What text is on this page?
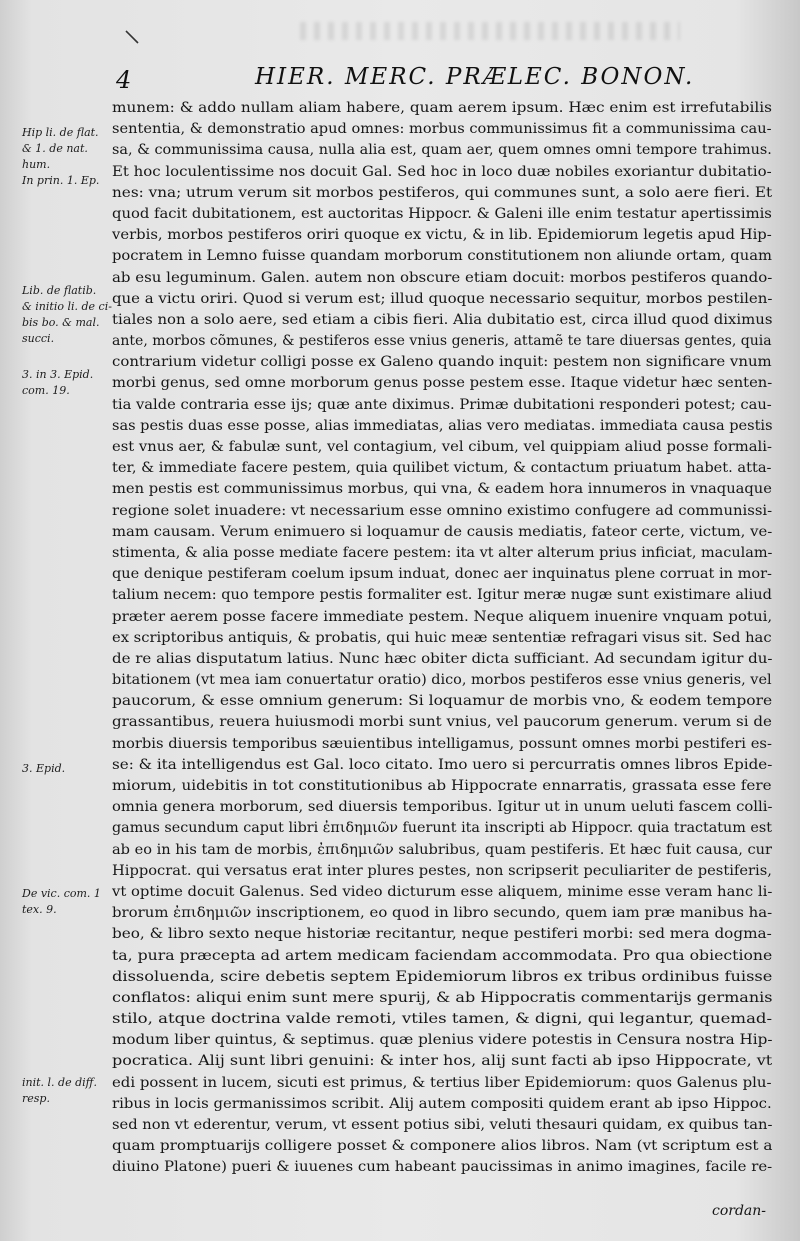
4	HIER. MERC. PRÆLEC. BONON.
munem: & addo nullam aliam habere, quam aerem ipsum. Hæc enim est irrefutabilis
sententia, & demonstratio apud omnes: morbus communissimus fit a communissima cau-
sa, & communissima causa, nulla alia est, quam aer, quem omnes omni tempore trahimus.
Et hoc loculentissime nos docuit Gal. Sed hoc in loco duæ nobiles exoriantur dubitatio-
nes: vna; utrum verum sit morbos pestiferos, qui communes sunt, a solo aere fieri. Et
quod facit dubitationem, est auctoritas Hippocr. & Galeni ille enim testatur apertissimis
verbis, morbos pestiferos oriri quoque ex victu, & in lib. Epidemiorum legetis apud Hip-
pocratem in Lemno fuisse quandam morborum constitutionem non aliunde ortam, quam
ab esu leguminum. Galen. autem non obscure etiam docuit: morbos pestiferos quando-
que a victu oriri. Quod si verum est; illud quoque necessario sequitur, morbos pestilen-
tiales non a solo aere, sed etiam a cibis fieri. Alia dubitatio est, circa illud quod diximus
ante, morbos cõmunes, & pestiferos esse vnius generis, attamẽ te tare diuersas gentes, quia
contrarium videtur colligi posse ex Galeno quando inquit: pestem non significare vnum
morbi genus, sed omne morborum genus posse pestem esse. Itaque videtur hæc senten-
tia valde contraria esse ijs; quæ ante diximus. Primæ dubitationi responderi potest; cau-
sas pestis duas esse posse, alias immediatas, alias vero mediatas. immediata causa pestis
est vnus aer, & fabulæ sunt, vel contagium, vel cibum, vel quippiam aliud posse formali-
ter, & immediate facere pestem, quia quilibet victum, & contactum priuatum habet. atta-
men pestis est communissimus morbus, qui vna, & eadem hora innumeros in vnaquaque
regione solet inuadere: vt necessarium esse omnino existimo confugere ad communissi-
mam causam. Verum enimuero si loquamur de causis mediatis, fateor certe, victum, ve-
stimenta, & alia posse mediate facere pestem: ita vt alter alterum prius inficiat, maculam-
que denique pestiferam coelum ipsum induat, donec aer inquinatus plene corruat in mor-
talium necem: quo tempore pestis formaliter est. Igitur meræ nugæ sunt existimare aliud
præter aerem posse facere immediate pestem. Neque aliquem inuenire vnquam potui,
ex scriptoribus antiquis, & probatis, qui huic meæ sententiæ refragari visus sit. Sed hac
de re alias disputatum latius. Nunc hæc obiter dicta sufficiant. Ad secundam igitur du-
bitationem (vt mea iam conuertatur oratio) dico, morbos pestiferos esse vnius generis, vel
paucorum, & esse omnium generum: Si loquamur de morbis vno, & eodem tempore
grassantibus, reuera huiusmodi morbi sunt vnius, vel paucorum generum. verum si de
morbis diuersis temporibus sæuientibus intelligamus, possunt omnes morbi pestiferi es-
se: & ita intelligendus est Gal. loco citato. Imo uero si percurratis omnes libros Epide-
miorum, uidebitis in tot constitutionibus ab Hippocrate ennarratis, grassata esse fere
omnia genera morborum, sed diuersis temporibus. Igitur ut in unum ueluti fascem colli-
gamus secundum caput libri ἐπιδημιῶν fuerunt ita inscripti ab Hippocr. quia tractatum est
ab eo in his tam de morbis, ἐπιδημιῶν salubribus, quam pestiferis. Et hæc fuit causa, cur
Hippocrat. qui versatus erat inter plures pestes, non scripserit peculiariter de pestiferis,
vt optime docuit Galenus. Sed video dicturum esse aliquem, minime esse veram hanc li-
brorum ἐπιδημιῶν inscriptionem, eo quod in libro secundo, quem iam præ manibus ha-
beo, & libro sexto neque historiæ recitantur, neque pestiferi morbi: sed mera dogma-
ta, pura præcepta ad artem medicam faciendam accommodata. Pro qua obiectione
dissoluenda, scire debetis septem Epidemiorum libros ex tribus ordinibus fuisse
conflatos: aliqui enim sunt mere spurij, & ab Hippocratis commentarijs germanis
stilo, atque doctrina valde remoti, vtiles tamen, & digni, qui legantur, quemad-
modum liber quintus, & septimus. quæ plenius videre potestis in Censura nostra Hip-
pocratica. Alij sunt libri genuini: & inter hos, alij sunt facti ab ipso Hippocrate, vt
edi possent in lucem, sicuti est primus, & tertius liber Epidemiorum: quos Galenus plu-
ribus in locis germanissimos scribit. Alij autem compositi quidem erant ab ipso Hippoc.
sed non vt ederentur, verum, vt essent potius sibi, veluti thesauri quidam, ex quibus tan-
quam promptuarijs colligere posset & componere alios libros. Nam (vt scriptum est a
diuino Platone) pueri & iuuenes cum habeant paucissimas in animo imagines, facile re-
Hip li. de flat.
& 1. de nat.
hum.
In prin. 1. Ep.
Lib. de flatib.
& initio li. de ci-
bis bo. & mal.
succi.
3. in 3. Epid.
com. 19.
3. Epid.
De vic. com. 1
tex. 9.
init. l. de diff.
resp.
cordan-
